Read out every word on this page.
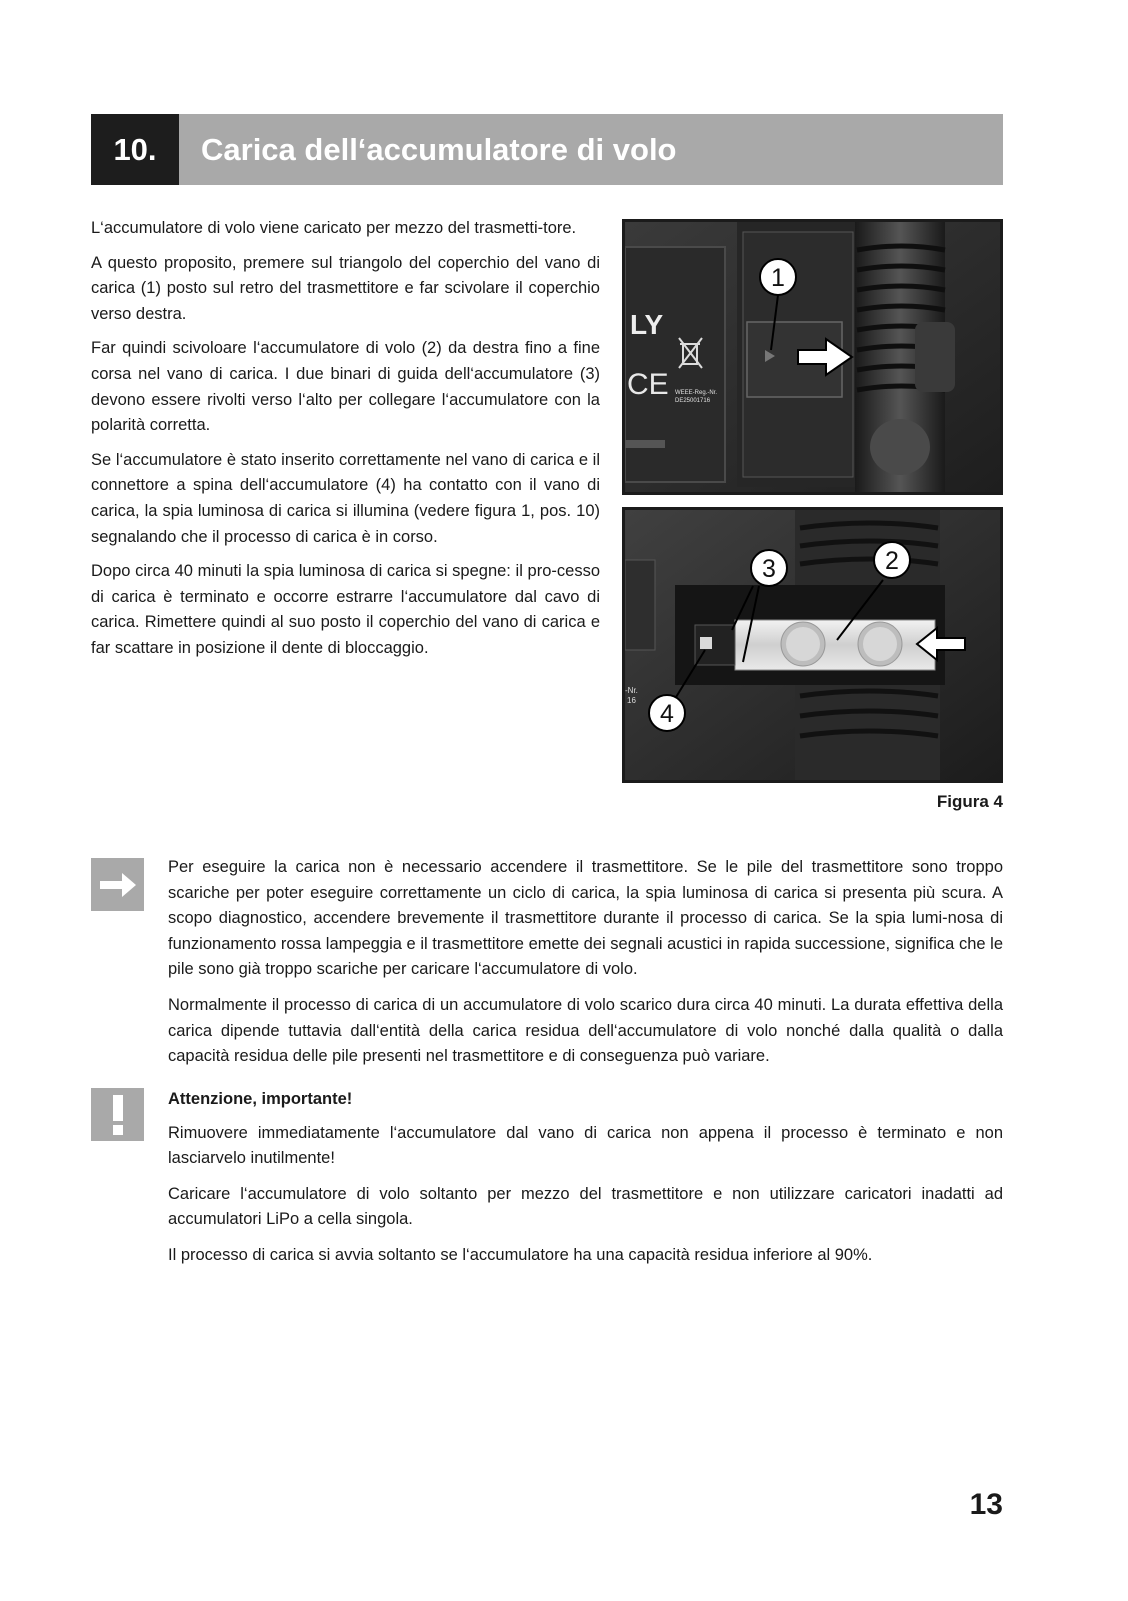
10.	Carica dell‘accumulatore di volo

L‘accumulatore di volo viene caricato per mezzo del trasmetti-tore.

A questo proposito, premere sul triangolo del coperchio del vano di carica (1) posto sul retro del trasmettitore e far scivolare il coperchio verso destra.

Far quindi scivoloare l‘accumulatore di volo (2) da destra fino a fine corsa nel vano di carica. I due binari di guida dell‘accumulatore (3) devono essere rivolti verso l‘alto per collegare l‘accumulatore con la polarità corretta.

Se l‘accumulatore è stato inserito correttamente nel vano di carica e il connettore a spina dell‘accumulatore (4) ha contatto con il vano di carica, la spia luminosa di carica si illumina (vedere figura 1, pos. 10) segnalando che il processo di carica è in corso.

Dopo circa 40 minuti la spia luminosa di carica si spegne: il pro-cesso di carica è terminato e occorre estrarre l‘accumulatore dal cavo di carica. Rimettere quindi al suo posto il coperchio del vano di carica e far scattare in posizione il dente di bloccaggio.

LY
CE WEEE-Reg.-Nr.
DE25001716
1
-Nr.
16
3	2
4
Figura 4

Per eseguire la carica non è necessario accendere il trasmettitore. Se le pile del trasmettitore sono troppo scariche per poter eseguire correttamente un ciclo di carica, la spia luminosa di carica si presenta più scura. A scopo diagnostico, accendere brevemente il trasmettitore durante il processo di carica. Se la spia lumi-nosa di funzionamento rossa lampeggia e il trasmettitore emette dei segnali acustici in rapida successione, significa che le pile sono già troppo scariche per caricare l‘accumulatore di volo.

Normalmente il processo di carica di un accumulatore di volo scarico dura circa 40 minuti. La durata effettiva della carica dipende tuttavia dall‘entità della carica residua dell‘accumulatore di volo nonché dalla qualità o dalla capacità residua delle pile presenti nel trasmettitore e di conseguenza può variare.

Attenzione, importante!

Rimuovere immediatamente l‘accumulatore dal vano di carica non appena il processo è terminato e non lasciarvelo inutilmente!

Caricare l‘accumulatore di volo soltanto per mezzo del trasmettitore e non utilizzare caricatori inadatti ad accumulatori LiPo a cella singola.

Il processo di carica si avvia soltanto se l‘accumulatore ha una capacità residua inferiore al 90%.

13
